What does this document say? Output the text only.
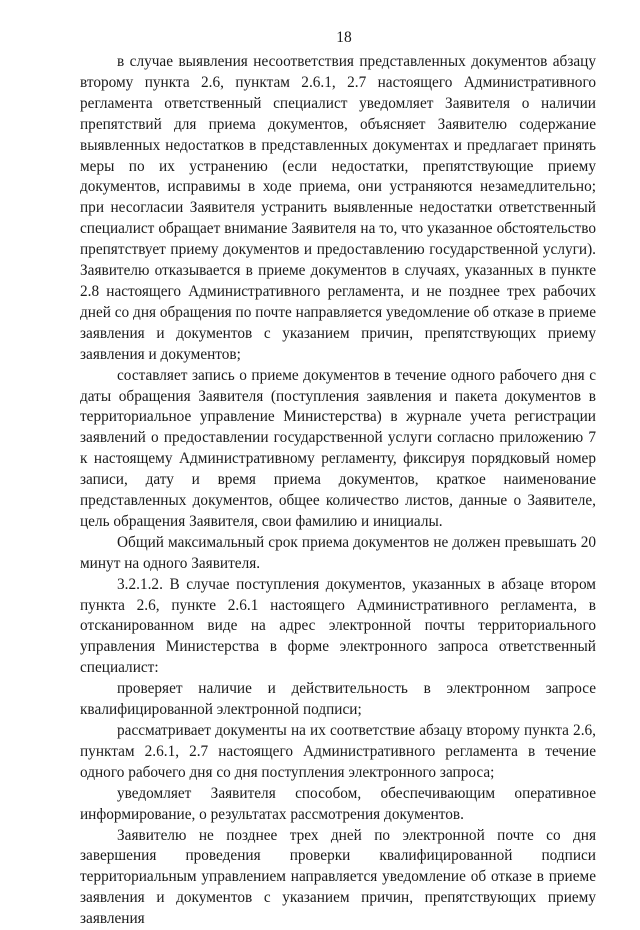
18

в случае выявления несоответствия представленных документов абзацу второму пункта 2.6, пунктам 2.6.1, 2.7 настоящего Административного регламента ответственный специалист уведомляет Заявителя о наличии препятствий для приема документов, объясняет Заявителю содержание выявленных недостатков в представленных документах и предлагает принять меры по их устранению (если недостатки, препятствующие приему документов, исправимы в ходе приема, они устраняются незамедлительно; при несогласии Заявителя устранить выявленные недостатки ответственный специалист обращает внимание Заявителя на то, что указанное обстоятельство препятствует приему документов и предоставлению государственной услуги). Заявителю отказывается в приеме документов в случаях, указанных в пункте 2.8 настоящего Административного регламента, и не позднее трех рабочих дней со дня обращения по почте направляется уведомление об отказе в приеме заявления и документов с указанием причин, препятствующих приему заявления и документов;

составляет запись о приеме документов в течение одного рабочего дня с даты обращения Заявителя (поступления заявления и пакета документов в территориальное управление Министерства) в журнале учета регистрации заявлений о предоставлении государственной услуги согласно приложению 7 к настоящему Административному регламенту, фиксируя порядковый номер записи, дату и время приема документов, краткое наименование представленных документов, общее количество листов, данные о Заявителе, цель обращения Заявителя, свои фамилию и инициалы.

Общий максимальный срок приема документов не должен превышать 20 минут на одного Заявителя.

3.2.1.2. В случае поступления документов, указанных в абзаце втором пункта 2.6, пункте 2.6.1 настоящего Административного регламента, в отсканированном виде на адрес электронной почты территориального управления Министерства в форме электронного запроса ответственный специалист:

проверяет наличие и действительность в электронном запросе квалифицированной электронной подписи;

рассматривает документы на их соответствие абзацу второму пункта 2.6, пунктам 2.6.1, 2.7 настоящего Административного регламента в течение одного рабочего дня со дня поступления электронного запроса;

уведомляет Заявителя способом, обеспечивающим оперативное информирование, о результатах рассмотрения документов.

Заявителю не позднее трех дней по электронной почте со дня завершения проведения проверки квалифицированной подписи территориальным управлением направляется уведомление об отказе в приеме заявления и документов с указанием причин, препятствующих приему заявления
